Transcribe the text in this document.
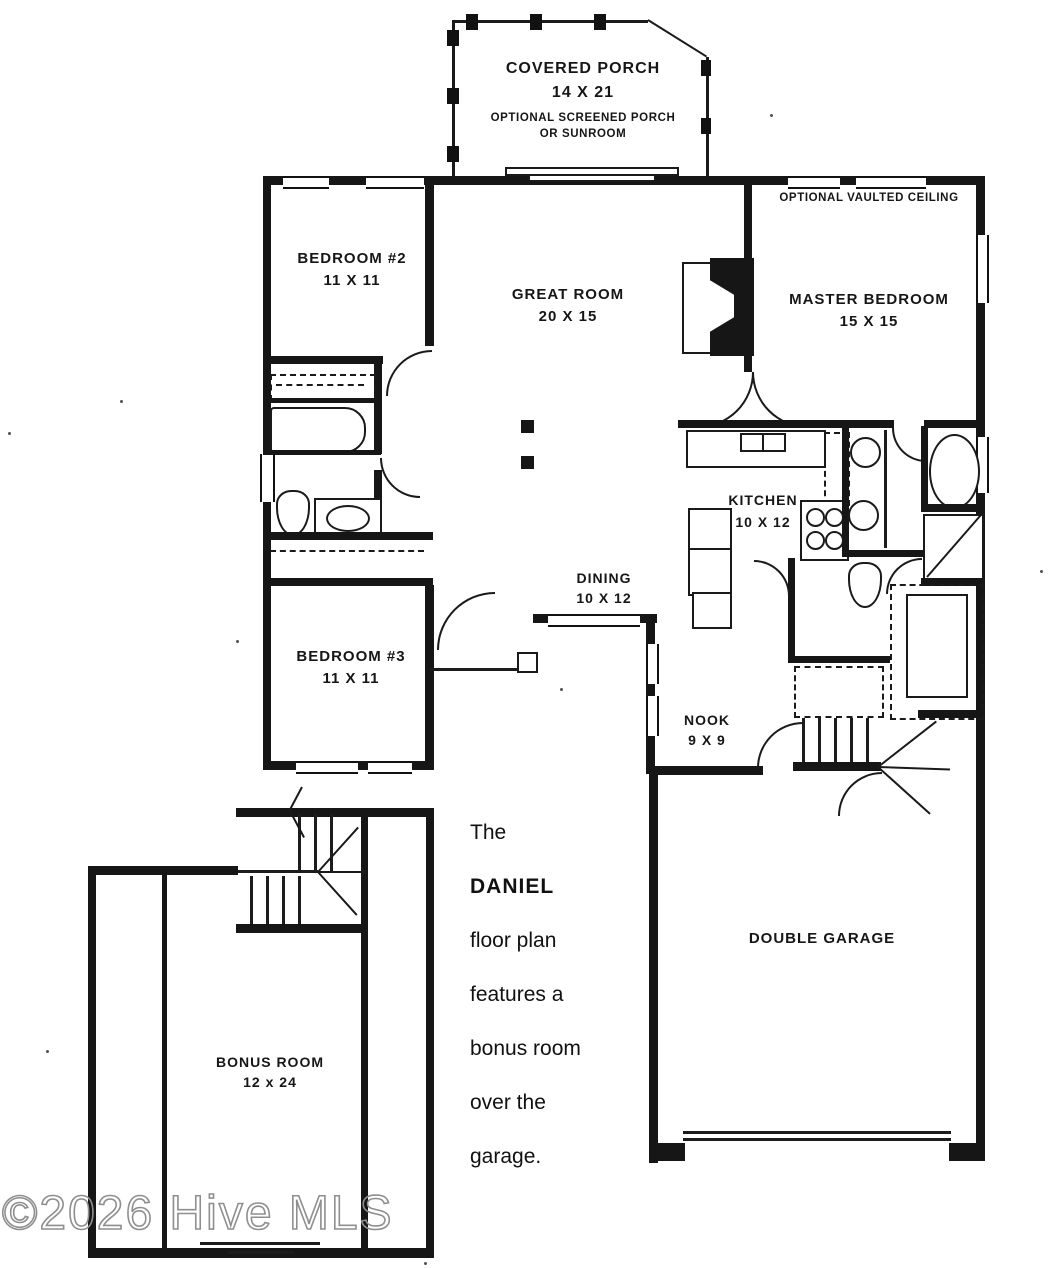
COVERED PORCH
14 X 21
OPTIONAL SCREENED PORCH
OR SUNROOM
BEDROOM #2
11 X 11
BEDROOM #3
11 X 11
GREAT ROOM
20 X 15
OPTIONAL VAULTED CEILING
MASTER BEDROOM
15 X 15
KITCHEN
10 X 12
DINING
10 X 12
NOOK
9 X 9
DOUBLE GARAGE
BONUS ROOM
12 x 24
The
DANIEL
floor plan
features a
bonus room
over the
garage.
©2026 Hive MLS
